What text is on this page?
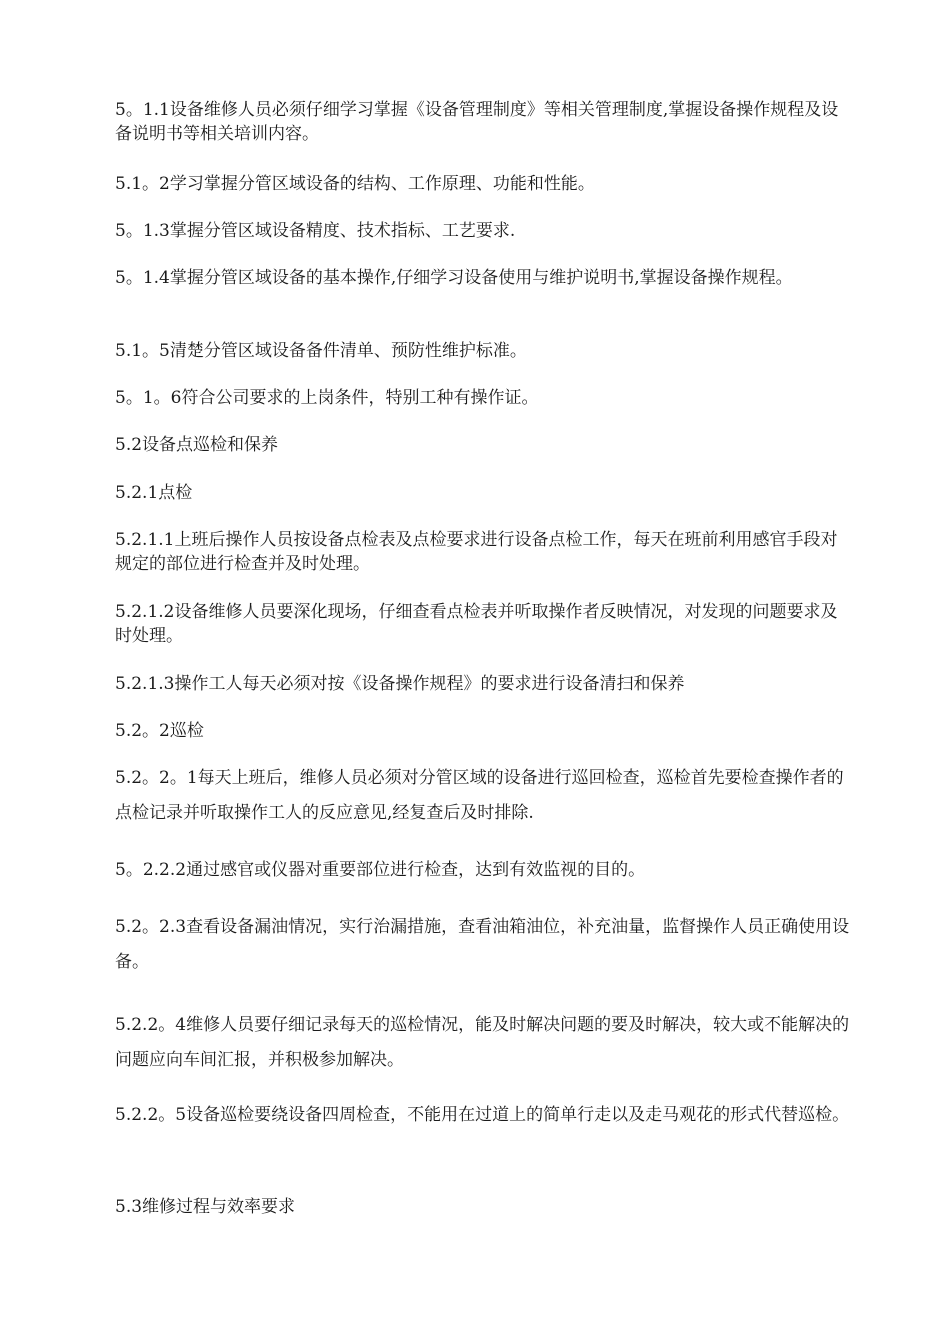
5。1.1设备维修人员必须仔细学习掌握《设备管理制度》等相关管理制度,掌握设备操作规程及设备说明书等相关培训内容。

5.1。2学习掌握分管区域设备的结构、工作原理、功能和性能。

5。1.3掌握分管区域设备精度、技术指标、工艺要求.

5。1.4掌握分管区域设备的基本操作,仔细学习设备使用与维护说明书,掌握设备操作规程。

5.1。5清楚分管区域设备备件清单、预防性维护标准。

5。1。6符合公司要求的上岗条件，特别工种有操作证。

5.2设备点巡检和保养

5.2.1点检

5.2.1.1上班后操作人员按设备点检表及点检要求进行设备点检工作，每天在班前利用感官手段对规定的部位进行检查并及时处理。

5.2.1.2设备维修人员要深化现场，仔细查看点检表并听取操作者反映情况，对发现的问题要求及时处理。

5.2.1.3操作工人每天必须对按《设备操作规程》的要求进行设备清扫和保养

5.2。2巡检

5.2。2。1每天上班后，维修人员必须对分管区域的设备进行巡回检查，巡检首先要检查操作者的点检记录并听取操作工人的反应意见,经复查后及时排除.

5。2.2.2通过感官或仪器对重要部位进行检查，达到有效监视的目的。

5.2。2.3查看设备漏油情况，实行治漏措施，查看油箱油位，补充油量，监督操作人员正确使用设备。

5.2.2。4维修人员要仔细记录每天的巡检情况，能及时解决问题的要及时解决，较大或不能解决的问题应向车间汇报，并积极参加解决。

5.2.2。5设备巡检要绕设备四周检查，不能用在过道上的简单行走以及走马观花的形式代替巡检。

5.3维修过程与效率要求
